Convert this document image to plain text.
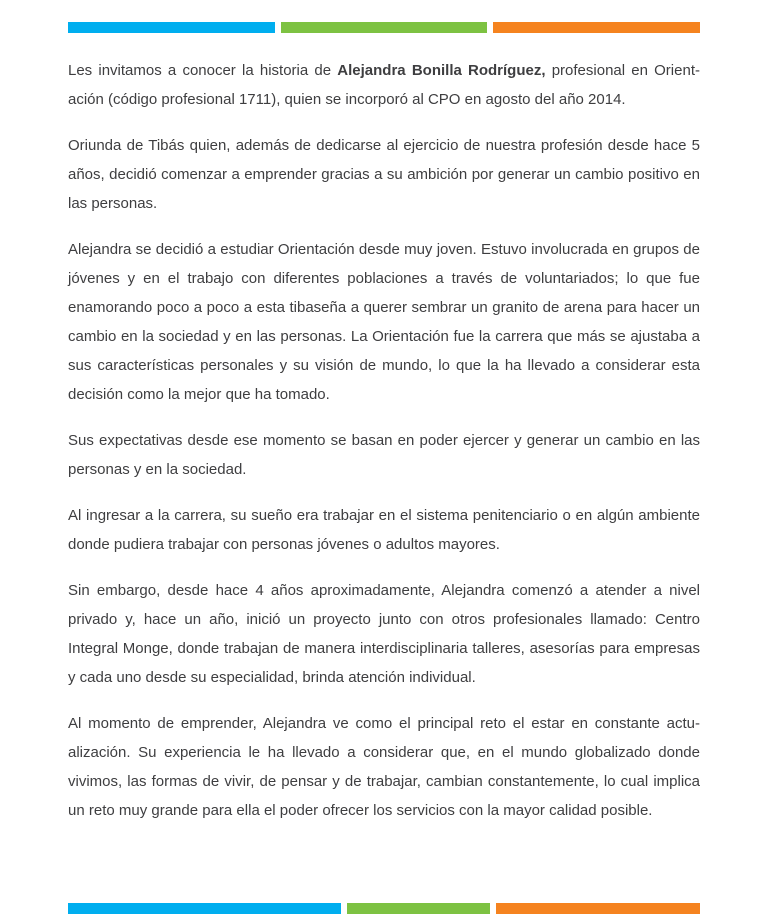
Les invitamos a conocer la historia de Alejandra Bonilla Rodríguez, profesional en Orientación (código profesional 1711), quien se incorporó al CPO en agosto del año 2014.

Oriunda de Tibás quien, además de dedicarse al ejercicio de nuestra profesión desde hace 5 años, decidió comenzar a emprender gracias a su ambición por generar un cambio positivo en las personas.

Alejandra se decidió a estudiar Orientación desde muy joven. Estuvo involucrada en grupos de jóvenes y en el trabajo con diferentes poblaciones a través de voluntariados; lo que fue enamorando poco a poco a esta tibaseña a querer sembrar un granito de arena para hacer un cambio en la sociedad y en las personas. La Orientación fue la carrera que más se ajustaba a sus características personales y su visión de mundo, lo que la ha llevado a considerar esta decisión como la mejor que ha tomado.

Sus expectativas desde ese momento se basan en poder ejercer y generar un cambio en las personas y en la sociedad.

Al ingresar a la carrera, su sueño era trabajar en el sistema penitenciario o en algún ambiente donde pudiera trabajar con personas jóvenes o adultos mayores.

Sin embargo, desde hace 4 años aproximadamente, Alejandra comenzó a atender a nivel privado y, hace un año, inició un proyecto junto con otros profesionales llamado: Centro Integral Monge, donde trabajan de manera interdisciplinaria talleres, asesorías para empresas y cada uno desde su especialidad, brinda atención individual.

Al momento de emprender, Alejandra ve como el principal reto el estar en constante actualización. Su experiencia le ha llevado a considerar que, en el mundo globalizado donde vivimos, las formas de vivir, de pensar y de trabajar, cambian constantemente, lo cual implica un reto muy grande para ella el poder ofrecer los servicios con la mayor calidad posible.
